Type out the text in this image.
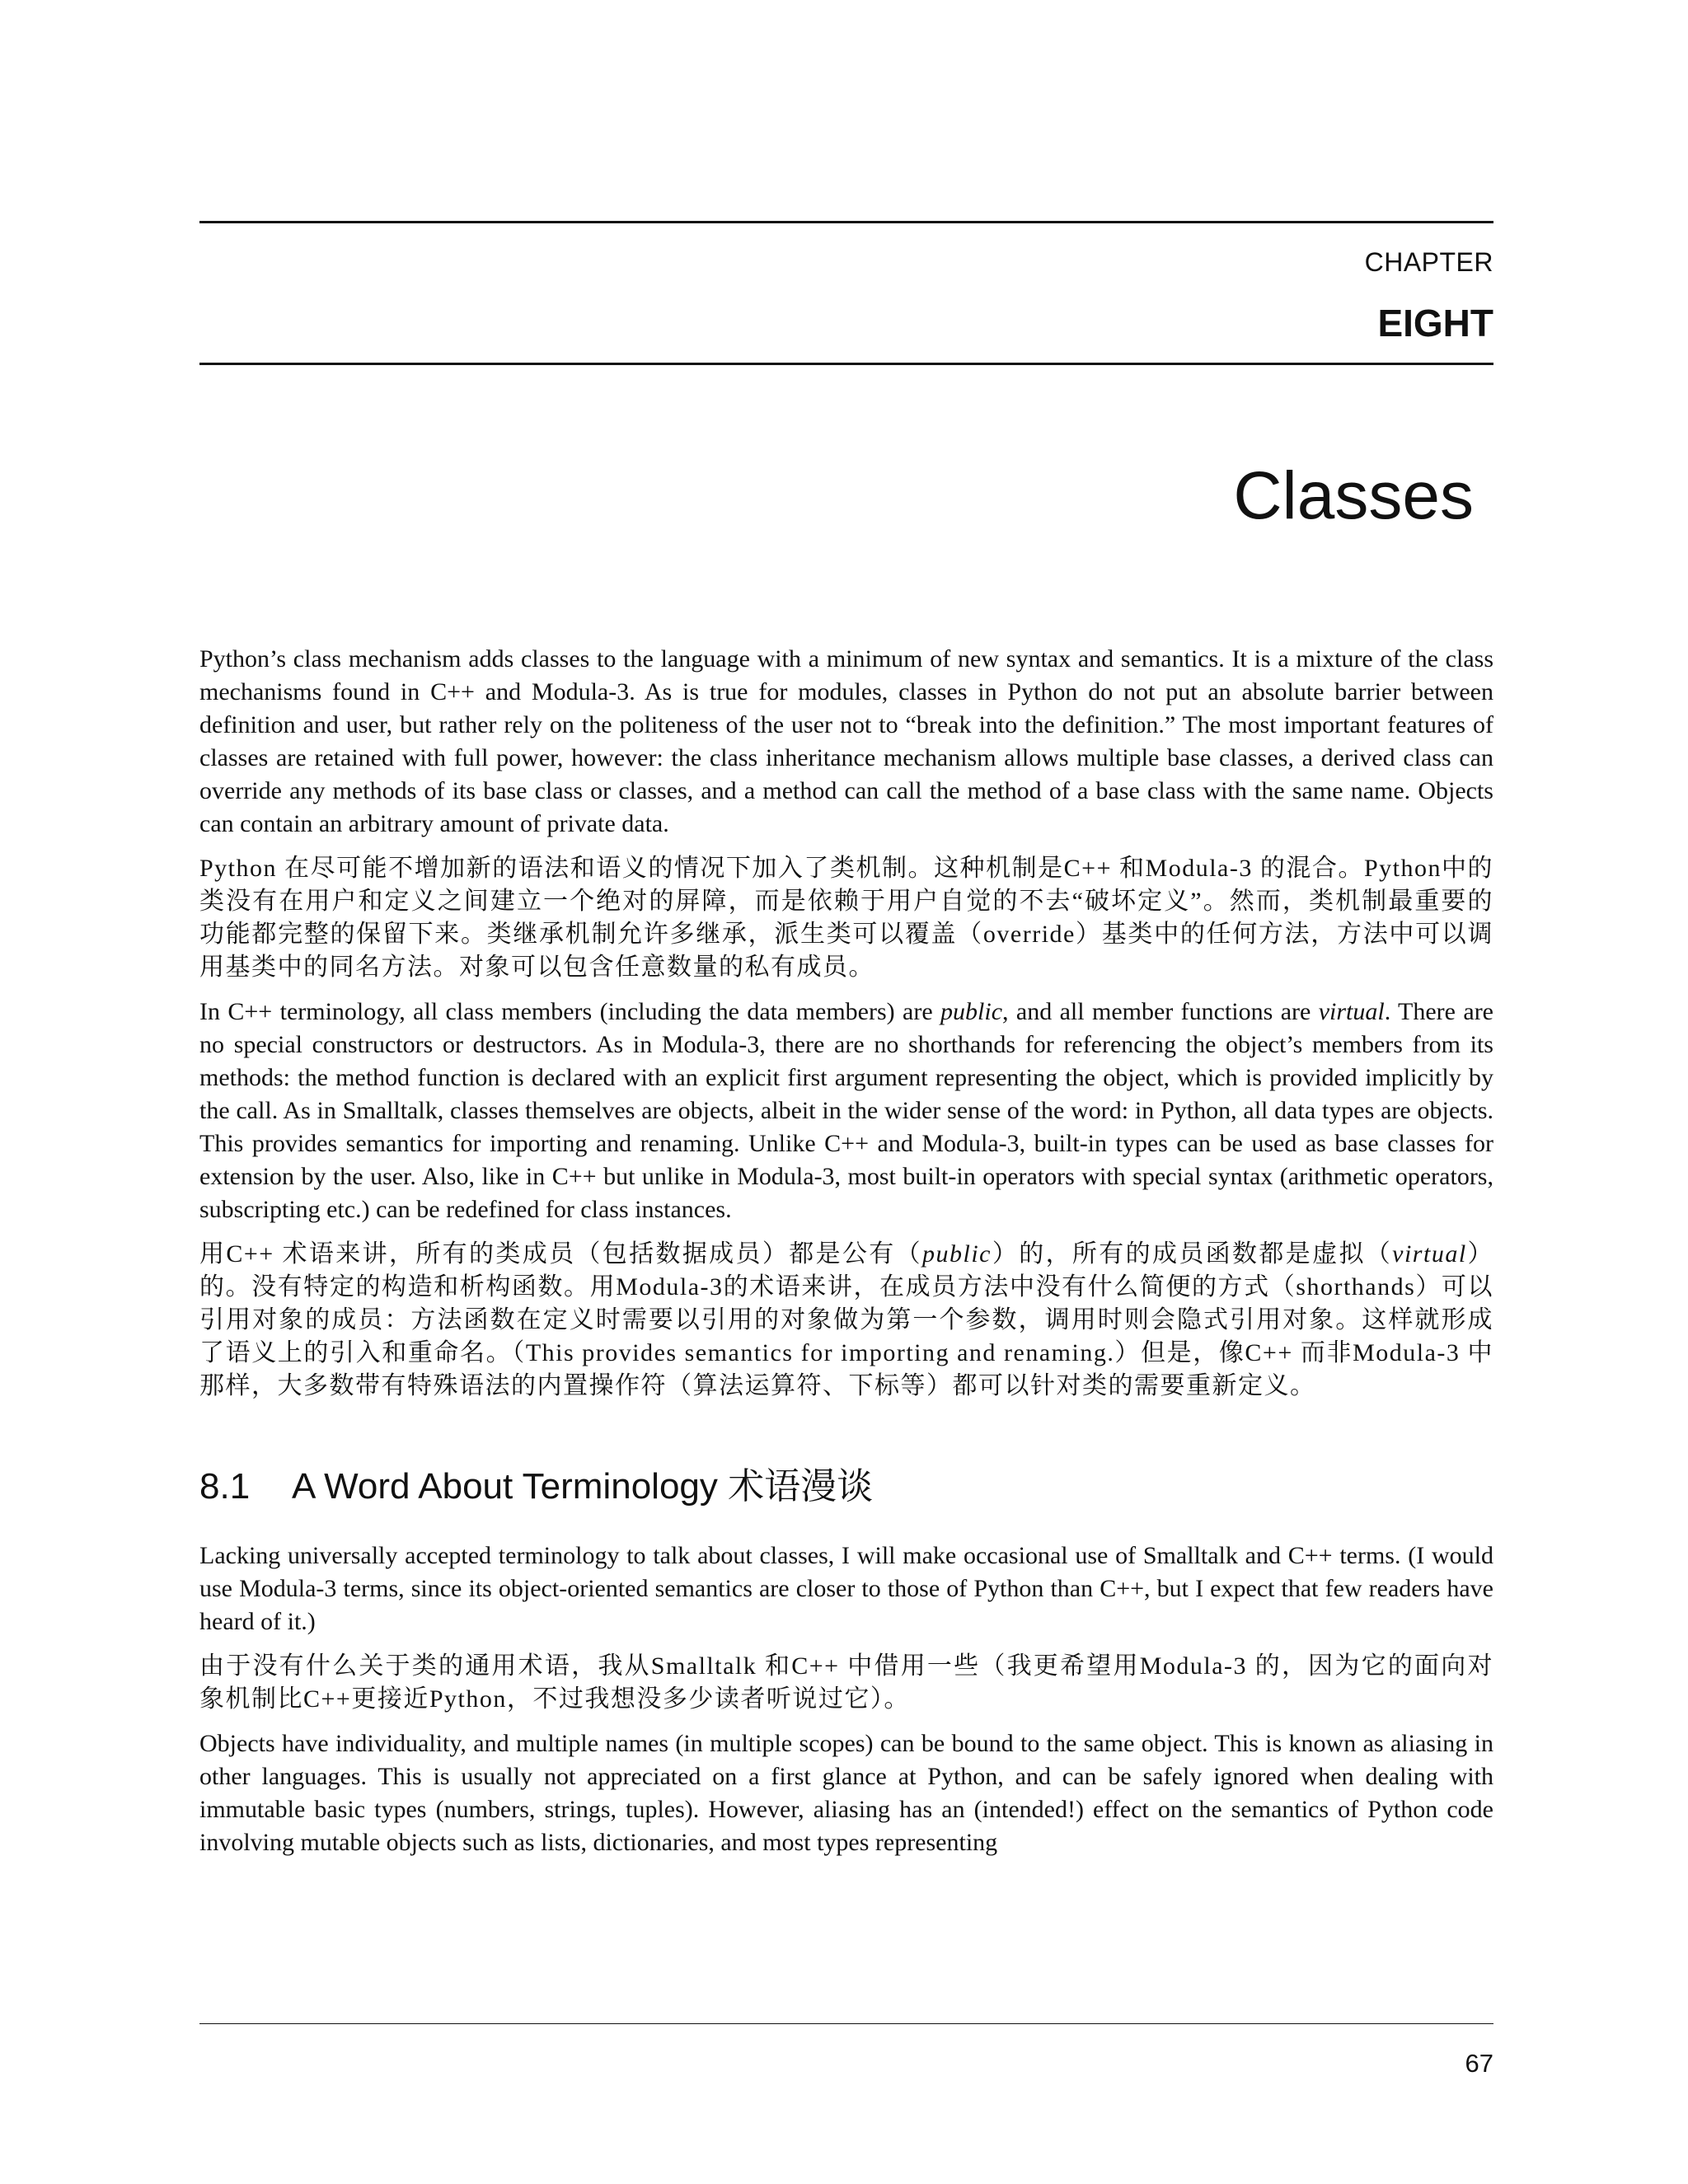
CHAPTER
EIGHT
Classes

Python’s class mechanism adds classes to the language with a minimum of new syntax and semantics. It is a mixture of the class mechanisms found in C++ and Modula-3. As is true for modules, classes in Python do not put an absolute barrier between definition and user, but rather rely on the politeness of the user not to “break into the definition.” The most important features of classes are retained with full power, however: the class inheritance mechanism allows multiple base classes, a derived class can override any methods of its base class or classes, and a method can call the method of a base class with the same name. Objects can contain an arbitrary amount of private data.

Python 在尽可能不增加新的语法和语义的情况下加入了类机制。这种机制是C++ 和Modula-3 的混合。Python中的类没有在用户和定义之间建立一个绝对的屏障，而是依赖于用户自觉的不去“破坏定义”。然而，类机制最重要的功能都完整的保留下来。类继承机制允许多继承，派生类可以覆盖（override）基类中的任何方法，方法中可以调用基类中的同名方法。对象可以包含任意数量的私有成员。

In C++ terminology, all class members (including the data members) are public, and all member functions are virtual. There are no special constructors or destructors. As in Modula-3, there are no shorthands for referencing the object’s members from its methods: the method function is declared with an explicit first argument representing the object, which is provided implicitly by the call. As in Smalltalk, classes themselves are objects, albeit in the wider sense of the word: in Python, all data types are objects. This provides semantics for importing and renaming. Unlike C++ and Modula-3, built-in types can be used as base classes for extension by the user. Also, like in C++ but unlike in Modula-3, most built-in operators with special syntax (arithmetic operators, subscripting etc.) can be redefined for class instances.

用C++ 术语来讲，所有的类成员（包括数据成员）都是公有（public）的，所有的成员函数都是虚拟（virtual）的。没有特定的构造和析构函数。用Modula-3的术语来讲，在成员方法中没有什么简便的方式（shorthands）可以引用对象的成员：方法函数在定义时需要以引用的对象做为第一个参数，调用时则会隐式引用对象。这样就形成了语义上的引入和重命名。（This provides semantics for importing and renaming.）但是，像C++ 而非Modula-3 中那样，大多数带有特殊语法的内置操作符（算法运算符、下标等）都可以针对类的需要重新定义。

8.1 A Word About Terminology 术语漫谈

Lacking universally accepted terminology to talk about classes, I will make occasional use of Smalltalk and C++ terms. (I would use Modula-3 terms, since its object-oriented semantics are closer to those of Python than C++, but I expect that few readers have heard of it.)

由于没有什么关于类的通用术语，我从Smalltalk 和C++ 中借用一些（我更希望用Modula-3 的，因为它的面向对象机制比C++更接近Python，不过我想没多少读者听说过它）。

Objects have individuality, and multiple names (in multiple scopes) can be bound to the same object. This is known as aliasing in other languages. This is usually not appreciated on a first glance at Python, and can be safely ignored when dealing with immutable basic types (numbers, strings, tuples). However, aliasing has an (intended!) effect on the semantics of Python code involving mutable objects such as lists, dictionaries, and most types representing

67
